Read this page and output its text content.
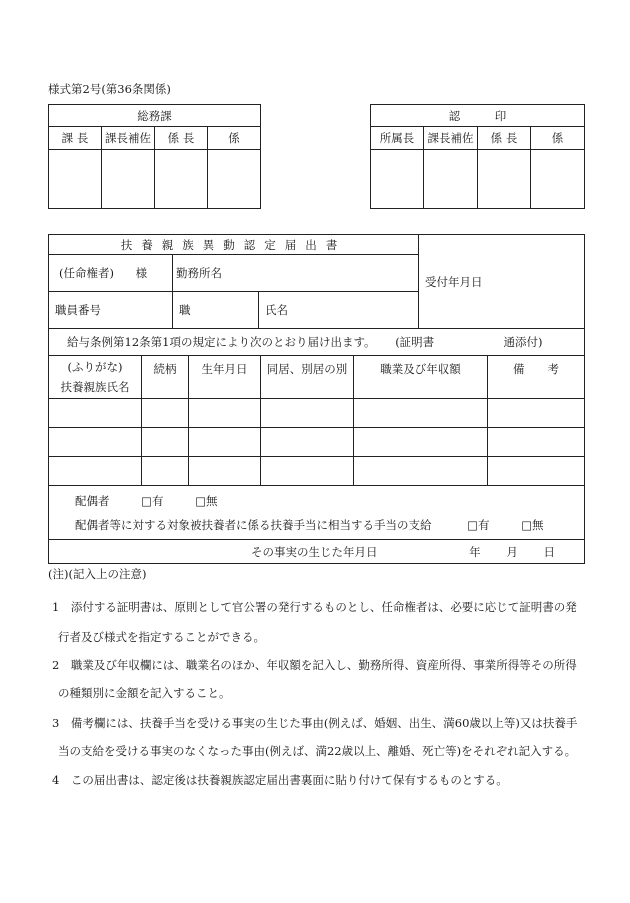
様式第2号(第36条関係)
総務課			
課 長	課長補佐	係 長	係

認　　　印			
所属長	課長補佐	係 長	係

扶養親族異動認定届出書			受付年月日
(任命権者) 様	勤務所名		
職員番号	職	氏名	
給与条例第12条第1項の規定により次のとおり届け出ます。 (証明書 通添付)			
(ふりがな)
扶養親族氏名	続柄	生年月日	同居、別居の別	職業及び年収額	備　　考

配偶者 □有 □無
配偶者等に対する対象被扶養者に係る扶養手当に相当する手当の支給 □有 □無					

その事実の生じた年月日 年 月 日					
(注)(記入上の注意)
1　添付する証明書は、原則として官公署の発行するものとし、任命権者は、必要に応じて証明書の発
行者及び様式を指定することができる。
2　職業及び年収欄には、職業名のほか、年収額を記入し、勤務所得、資産所得、事業所得等その所得
の種類別に金額を記入すること。
3　備考欄には、扶養手当を受ける事実の生じた事由(例えば、婚姻、出生、満60歳以上等)又は扶養手
当の支給を受ける事実のなくなった事由(例えば、満22歳以上、離婚、死亡等)をそれぞれ記入する。
4　この届出書は、認定後は扶養親族認定届出書裏面に貼り付けて保有するものとする。
